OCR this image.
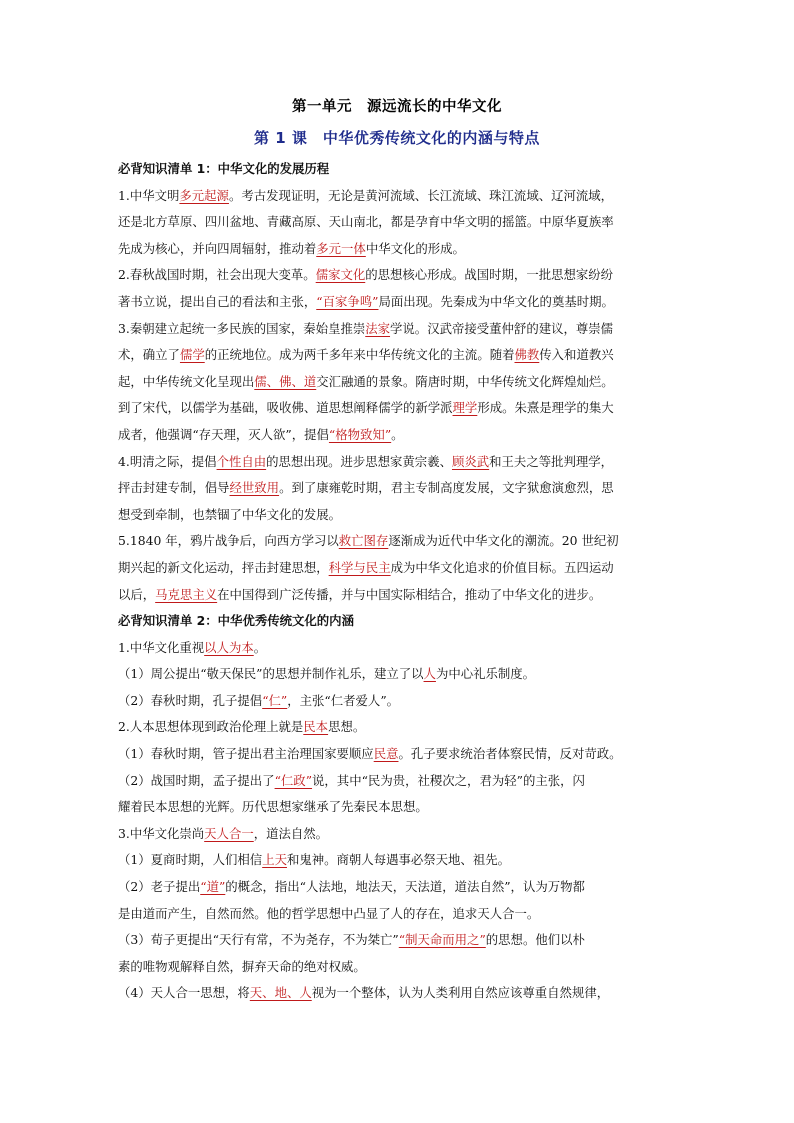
第一单元　源远流长的中华文化
第 1 课　中华优秀传统文化的内涵与特点
必背知识清单 1：中华文化的发展历程
1.中华文明多元起源。考古发现证明，无论是黄河流域、长江流域、珠江流域、辽河流域，
还是北方草原、四川盆地、青藏高原、天山南北，都是孕育中华文明的摇篮。中原华夏族率
先成为核心，并向四周辐射，推动着多元一体中华文化的形成。
2.春秋战国时期，社会出现大变革。儒家文化的思想核心形成。战国时期，一批思想家纷纷
著书立说，提出自己的看法和主张，“百家争鸣”局面出现。先秦成为中华文化的奠基时期。
3.秦朝建立起统一多民族的国家，秦始皇推崇法家学说。汉武帝接受董仲舒的建议，尊崇儒
术，确立了儒学的正统地位。成为两千多年来中华传统文化的主流。随着佛教传入和道教兴
起，中华传统文化呈现出儒、佛、道交汇融通的景象。隋唐时期，中华传统文化辉煌灿烂。
到了宋代，以儒学为基础，吸收佛、道思想阐释儒学的新学派理学形成。朱熹是理学的集大
成者，他强调“存天理，灭人欲”，提倡“格物致知”。
4.明清之际，提倡个性自由的思想出现。进步思想家黄宗羲、顾炎武和王夫之等批判理学，
抨击封建专制，倡导经世致用。到了康雍乾时期，君主专制高度发展，文字狱愈演愈烈，思
想受到牵制，也禁锢了中华文化的发展。
5.1840 年，鸦片战争后，向西方学习以救亡图存逐渐成为近代中华文化的潮流。20 世纪初
期兴起的新文化运动，抨击封建思想，科学与民主成为中华文化追求的价值目标。五四运动
以后，马克思主义在中国得到广泛传播，并与中国实际相结合，推动了中华文化的进步。
必背知识清单 2：中华优秀传统文化的内涵
1.中华文化重视以人为本。
（1）周公提出“敬天保民”的思想并制作礼乐，建立了以人为中心礼乐制度。
（2）春秋时期，孔子提倡“仁”，主张“仁者爱人”。
2.人本思想体现到政治伦理上就是民本思想。
（1）春秋时期，管子提出君主治理国家要顺应民意。孔子要求统治者体察民情，反对苛政。
（2）战国时期，孟子提出了“仁政”说，其中“民为贵，社稷次之，君为轻”的主张，闪
耀着民本思想的光辉。历代思想家继承了先秦民本思想。
3.中华文化崇尚天人合一，道法自然。
（1）夏商时期，人们相信上天和鬼神。商朝人每遇事必祭天地、祖先。
（2）老子提出“道”的概念，指出“人法地，地法天，天法道，道法自然”，认为万物都
是由道而产生，自然而然。他的哲学思想中凸显了人的存在，追求天人合一。
（3）荀子更提出“天行有常，不为尧存，不为桀亡”“制天命而用之”的思想。他们以朴
素的唯物观解释自然，摒弃天命的绝对权威。
（4）天人合一思想，将天、地、人视为一个整体，认为人类利用自然应该尊重自然规律，
